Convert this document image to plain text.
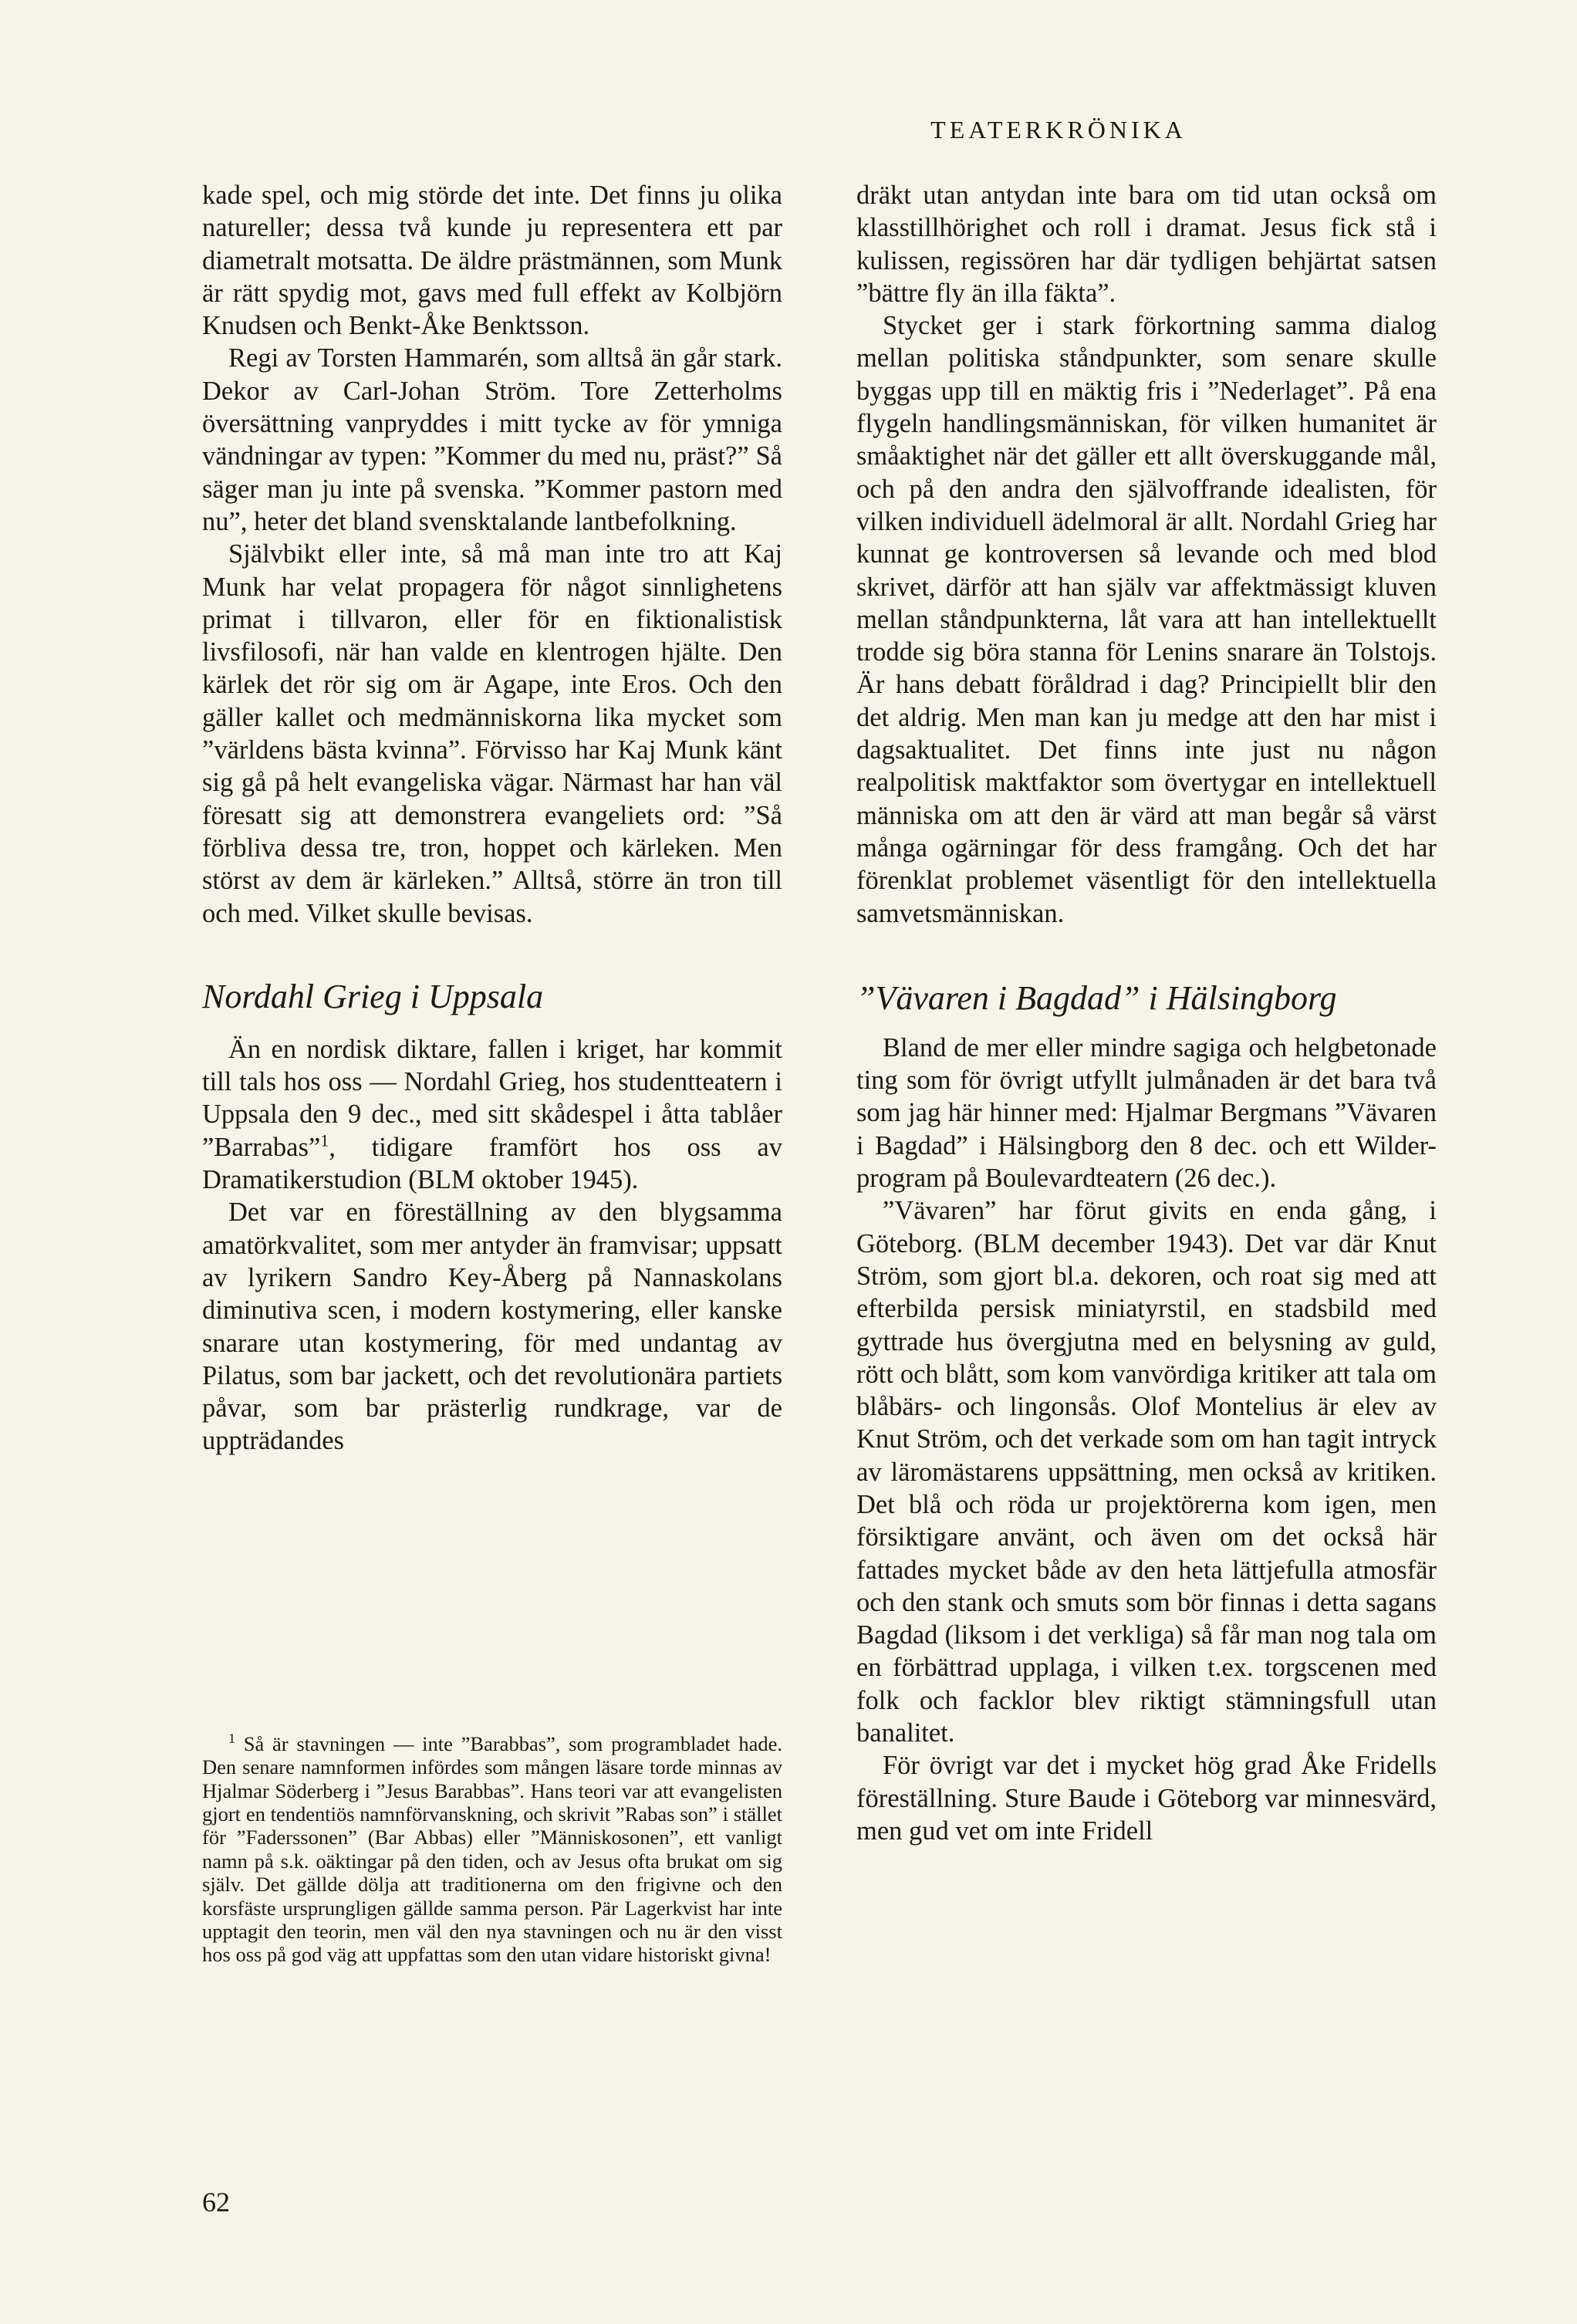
TEATERKRÖNIKA

kade spel, och mig störde det inte. Det finns ju olika natureller; dessa två kunde ju representera ett par diametralt motsatta. De äldre prästmännen, som Munk är rätt spydig mot, gavs med full effekt av Kolbjörn Knudsen och Benkt-Åke Benktsson.

Regi av Torsten Hammarén, som alltså än går stark. Dekor av Carl-Johan Ström. Tore Zetterholms översättning vanpryddes i mitt tycke av för ymniga vändningar av typen: ”Kommer du med nu, präst?” Så säger man ju inte på svenska. ”Kommer pastorn med nu”, heter det bland svensktalande lantbefolkning.

Självbikt eller inte, så må man inte tro att Kaj Munk har velat propagera för något sinnlighetens primat i tillvaron, eller för en fiktionalistisk livsfilosofi, när han valde en klentrogen hjälte. Den kärlek det rör sig om är Agape, inte Eros. Och den gäller kallet och medmänniskorna lika mycket som ”världens bästa kvinna”. Förvisso har Kaj Munk känt sig gå på helt evangeliska vägar. Närmast har han väl föresatt sig att demonstrera evangeliets ord: ”Så förbliva dessa tre, tron, hoppet och kärleken. Men störst av dem är kärleken.” Alltså, större än tron till och med. Vilket skulle bevisas.

Nordahl Grieg i Uppsala

Än en nordisk diktare, fallen i kriget, har kommit till tals hos oss — Nordahl Grieg, hos studentteatern i Uppsala den 9 dec., med sitt skådespel i åtta tablåer ”Barrabas”$^1$, tidigare framfört hos oss av Dramatikerstudion (BLM oktober 1945).

Det var en föreställning av den blygsamma amatörkvalitet, som mer antyder än framvisar; uppsatt av lyrikern Sandro Key-Åberg på Nannaskolans diminutiva scen, i modern kostymering, eller kanske snarare utan kostymering, för med undantag av Pilatus, som bar jackett, och det revolutionära partiets påvar, som bar prästerlig rundkrage, var de uppträdandes

$^1$ Så är stavningen — inte ”Barabbas”, som programbladet hade. Den senare namnformen infördes som mången läsare torde minnas av Hjalmar Söderberg i ”Jesus Barabbas”. Hans teori var att evangelisten gjort en tendentiös namnförvanskning, och skrivit ”Rabas son” i stället för ”Faderssonen” (Bar Abbas) eller ”Människosonen”, ett vanligt namn på s.k. oäktingar på den tiden, och av Jesus ofta brukat om sig själv. Det gällde dölja att traditionerna om den frigivne och den korsfäste ursprungligen gällde samma person. Pär Lagerkvist har inte upptagit den teorin, men väl den nya stavningen och nu är den visst hos oss på god väg att uppfattas som den utan vidare historiskt givna!

dräkt utan antydan inte bara om tid utan också om klasstillhörighet och roll i dramat. Jesus fick stå i kulissen, regissören har där tydligen behjärtat satsen ”bättre fly än illa fäkta”.

Stycket ger i stark förkortning samma dialog mellan politiska ståndpunkter, som senare skulle byggas upp till en mäktig fris i ”Nederlaget”. På ena flygeln handlingsmänniskan, för vilken humanitet är småaktighet när det gäller ett allt överskuggande mål, och på den andra den självoffrande idealisten, för vilken individuell ädelmoral är allt. Nordahl Grieg har kunnat ge kontroversen så levande och med blod skrivet, därför att han själv var affektmässigt kluven mellan ståndpunkterna, låt vara att han intellektuellt trodde sig böra stanna för Lenins snarare än Tolstojs. Är hans debatt föråldrad i dag? Principiellt blir den det aldrig. Men man kan ju medge att den har mist i dagsaktualitet. Det finns inte just nu någon realpolitisk maktfaktor som övertygar en intellektuell människa om att den är värd att man begår så värst många ogärningar för dess framgång. Och det har förenklat problemet väsentligt för den intellektuella samvetsmänniskan.

”Vävaren i Bagdad” i Hälsingborg

Bland de mer eller mindre sagiga och helgbetonade ting som för övrigt utfyllt julmånaden är det bara två som jag här hinner med: Hjalmar Bergmans ”Vävaren i Bagdad” i Hälsingborg den 8 dec. och ett Wilder-program på Boulevardteatern (26 dec.).

”Vävaren” har förut givits en enda gång, i Göteborg. (BLM december 1943). Det var där Knut Ström, som gjort bl.a. dekoren, och roat sig med att efterbilda persisk miniatyrstil, en stadsbild med gyttrade hus övergjutna med en belysning av guld, rött och blått, som kom vanvördiga kritiker att tala om blåbärs- och lingonsås. Olof Montelius är elev av Knut Ström, och det verkade som om han tagit intryck av läromästarens uppsättning, men också av kritiken. Det blå och röda ur projektörerna kom igen, men försiktigare använt, och även om det också här fattades mycket både av den heta lättjefulla atmosfär och den stank och smuts som bör finnas i detta sagans Bagdad (liksom i det verkliga) så får man nog tala om en förbättrad upplaga, i vilken t.ex. torgscenen med folk och facklor blev riktigt stämningsfull utan banalitet.

För övrigt var det i mycket hög grad Åke Fridells föreställning. Sture Baude i Göteborg var minnesvärd, men gud vet om inte Fridell

62
